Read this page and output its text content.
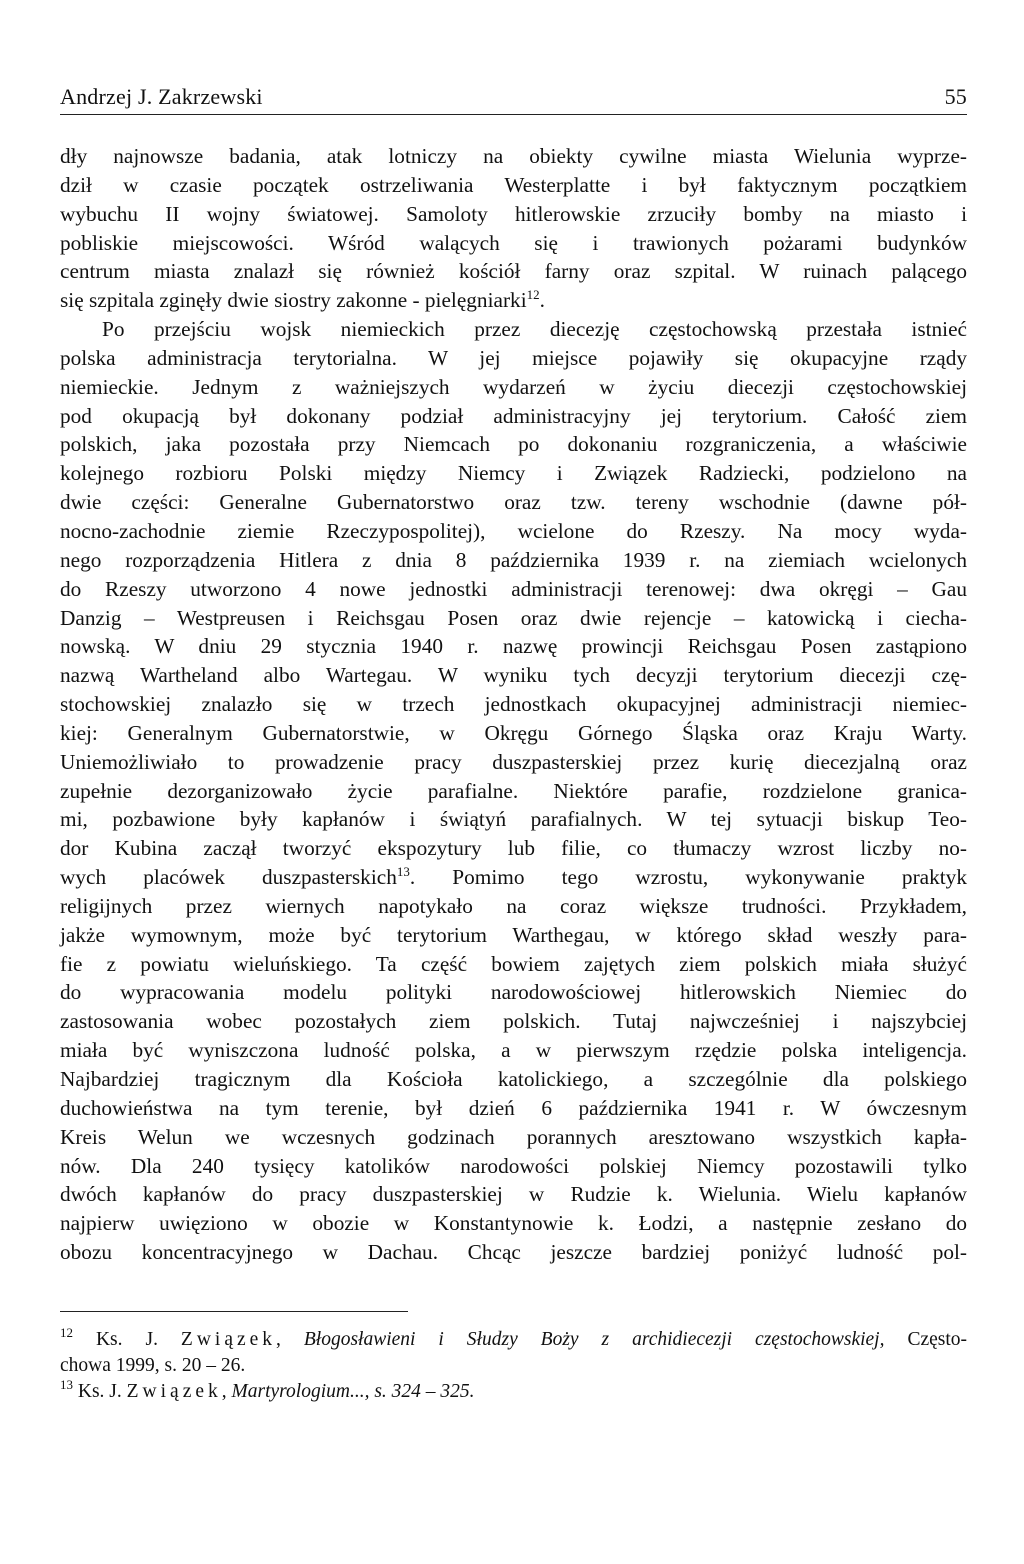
Andrzej J. Zakrzewski	55
dły najnowsze badania, atak lotniczy na obiekty cywilne miasta Wielunia wyprze-
dził w czasie początek ostrzeliwania Westerplatte i był faktycznym początkiem
wybuchu II wojny światowej. Samoloty hitlerowskie zrzuciły bomby na miasto i
pobliskie miejscowości. Wśród walących się i trawionych pożarami budynków
centrum miasta znalazł się również kościół farny oraz szpital. W ruinach palącego
się szpitala zginęły dwie siostry zakonne - pielęgniarki$^{12}$.
Po przejściu wojsk niemieckich przez diecezję częstochowską przestała istnieć
polska administracja terytorialna. W jej miejsce pojawiły się okupacyjne rządy
niemieckie. Jednym z ważniejszych wydarzeń w życiu diecezji częstochowskiej
pod okupacją był dokonany podział administracyjny jej terytorium. Całość ziem
polskich, jaka pozostała przy Niemcach po dokonaniu rozgraniczenia, a właściwie
kolejnego rozbioru Polski między Niemcy i Związek Radziecki, podzielono na
dwie części: Generalne Gubernatorstwo oraz tzw. tereny wschodnie (dawne pół-
nocno-zachodnie ziemie Rzeczypospolitej), wcielone do Rzeszy. Na mocy wyda-
nego rozporządzenia Hitlera z dnia 8 października 1939 r. na ziemiach wcielonych
do Rzeszy utworzono 4 nowe jednostki administracji terenowej: dwa okręgi – Gau
Danzig – Westpreusen i Reichsgau Posen oraz dwie rejencje – katowicką i ciecha-
nowską. W dniu 29 stycznia 1940 r. nazwę prowincji Reichsgau Posen zastąpiono
nazwą Wartheland albo Wartegau. W wyniku tych decyzji terytorium diecezji czę-
stochowskiej znalazło się w trzech jednostkach okupacyjnej administracji niemiec-
kiej: Generalnym Gubernatorstwie, w Okręgu Górnego Śląska oraz Kraju Warty.
Uniemożliwiało to prowadzenie pracy duszpasterskiej przez kurię diecezjalną oraz
zupełnie dezorganizowało życie parafialne. Niektóre parafie, rozdzielone granica-
mi, pozbawione były kapłanów i świątyń parafialnych. W tej sytuacji biskup Teo-
dor Kubina zaczął tworzyć ekspozytury lub filie, co tłumaczy wzrost liczby no-
wych placówek duszpasterskich$^{13}$. Pomimo tego wzrostu, wykonywanie praktyk
religijnych przez wiernych napotykało na coraz większe trudności. Przykładem,
jakże wymownym, może być terytorium Warthegau, w którego skład weszły para-
fie z powiatu wieluńskiego. Ta część bowiem zajętych ziem polskich miała służyć
do wypracowania modelu polityki narodowościowej hitlerowskich Niemiec do
zastosowania wobec pozostałych ziem polskich. Tutaj najwcześniej i najszybciej
miała być wyniszczona ludność polska, a w pierwszym rzędzie polska inteligencja.
Najbardziej tragicznym dla Kościoła katolickiego, a szczególnie dla polskiego
duchowieństwa na tym terenie, był dzień 6 października 1941 r. W ówczesnym
Kreis Welun we wczesnych godzinach porannych aresztowano wszystkich kapła-
nów. Dla 240 tysięcy katolików narodowości polskiej Niemcy pozostawili tylko
dwóch kapłanów do pracy duszpasterskiej w Rudzie k. Wielunia. Wielu kapłanów
najpierw uwięziono w obozie w Konstantynowie k. Łodzi, a następnie zesłano do
obozu koncentracyjnego w Dachau. Chcąc jeszcze bardziej poniżyć ludność pol-
$^{12}$ Ks. J. Związek, Błogosławieni i Słudzy Boży z archidiecezji częstochowskiej, Często-
chowa 1999, s. 20 – 26.
$^{13}$ Ks. J. Związek, Martyrologium..., s. 324 – 325.
